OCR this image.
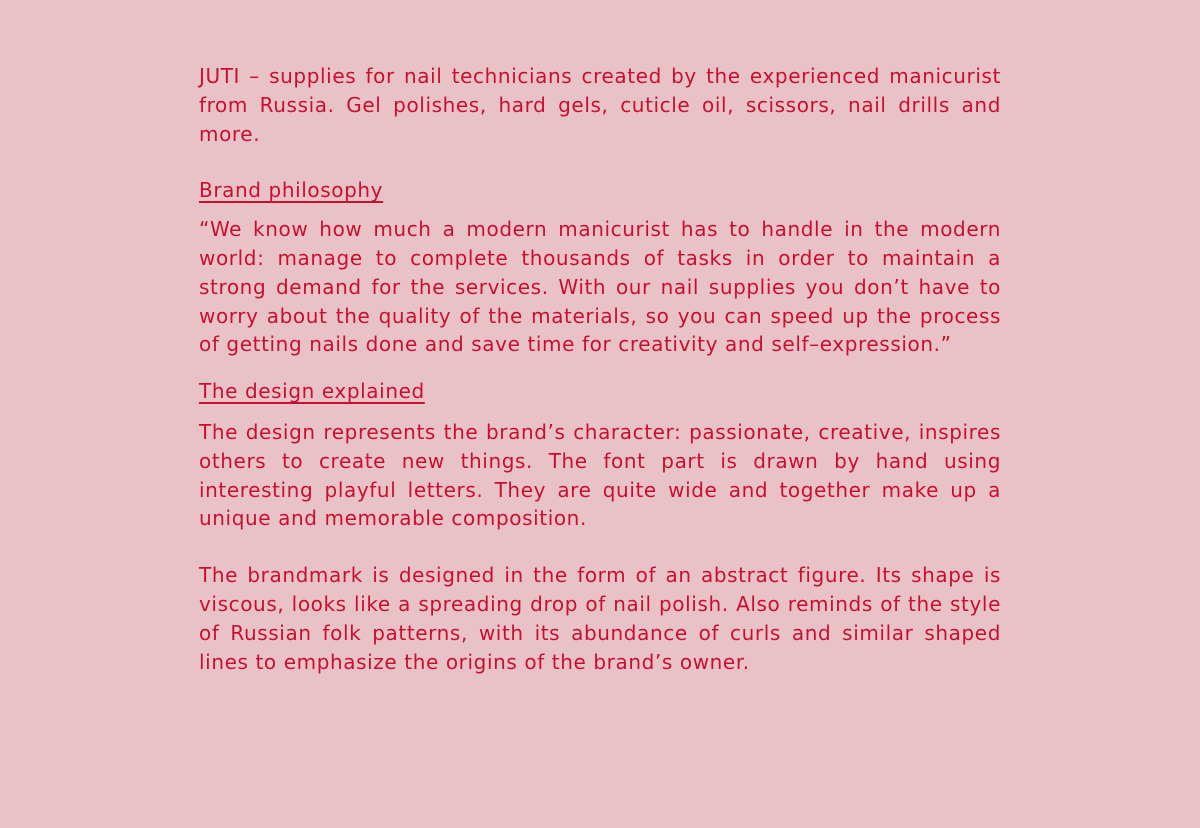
JUTI – supplies for nail technicians created by the experienced manicurist from Russia. Gel polishes, hard gels, cuticle oil, scissors, nail drills and more.

Brand philosophy

“We know how much a modern manicurist has to handle in the modern world: manage to complete thousands of tasks in order to maintain a strong demand for the services. With our nail supplies you don’t have to worry about the quality of the materials, so you can speed up the process of getting nails done and save time for creativity and self–expression.”

The design explained

The design represents the brand’s character: passionate, creative, inspires others to create new things. The font part is drawn by hand using interesting playful letters. They are quite wide and together make up a unique and memorable composition.

The brandmark is designed in the form of an abstract figure. Its shape is viscous, looks like a spreading drop of nail polish. Also reminds of the style of Russian folk patterns, with its abundance of curls and similar shaped lines to emphasize the origins of the brand’s owner.
